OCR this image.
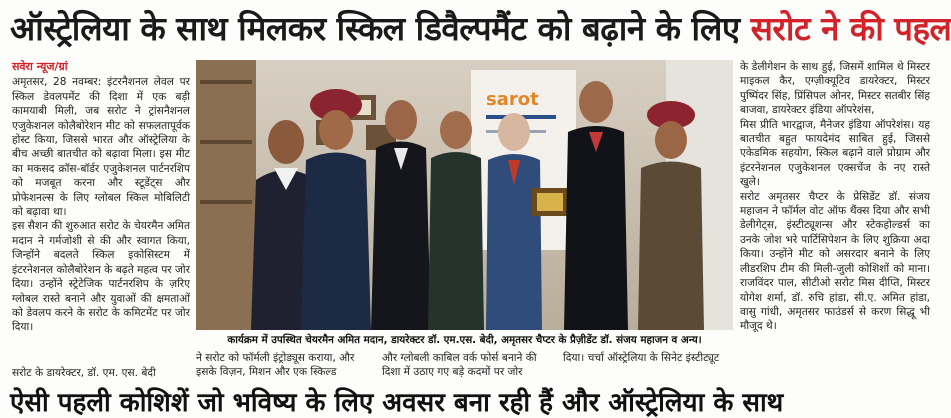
ऑस्ट्रेलिया के साथ मिलकर स्किल डिवैल्पमैंट को बढ़ाने के लिए सरोट ने की पहल
सवेरा न्यूज/ग्रां

अमृतसर, 28 नवम्बर: इंटरनैशनल लेवल पर स्किल डेवलपमेंट की दिशा में एक बड़ी कामयाबी मिली, जब सरोट ने ट्रांसनैशनल एजुकेशनल कोलैबोरेशन मीट को सफलतापूर्वक होस्ट किया, जिससे भारत और ऑस्ट्रेलिया के बीच अच्छी बातचीत को बढ़ावा मिला। इस मीट का मकसद क्रॉस-बॉर्डर एजुकेशनल पार्टनरशिप को मजबूत करना और स्टूडेंट्स और प्रोफेशनल्स के लिए ग्लोबल स्किल मोबिलिटी को बढ़ावा था।

इस सैशन की शुरुआत सरोट के चेयरमैन अमित मदान ने गर्मजोशी से की और स्वागत किया, जिन्होंने बदलते स्किल इकोसिस्टम में इंटरनेशनल कोलैबोरेशन के बढ़ते महत्व पर जोर दिया। उन्होंने स्ट्रेटेजिक पार्टनरशिप के ज़रिए ग्लोबल रास्ते बनाने और युवाओं की क्षमताओं को डेवलप करने के सरोट के कमिटमेंट पर जोर दिया।

सरोट के डायरेक्टर, डॉ. एम. एस. बेदी
sarot
कार्यक्रम में उपस्थित चेयरमैन अमित मदान, डायरेक्टर डॉ. एम.एस. बेदी, अमृतसर चैप्टर के प्रैज़ीडेंट डॉ. संजय महाजन व अन्य।
ने सरोट को फॉर्मली इंट्रोड्यूस कराया, और इसके विज़न, मिशन और एक स्किल्ड
और ग्लोबली काबिल वर्क फोर्स बनाने की दिशा में उठाए गए बड़े कदमों पर जोर
दिया। चर्चा ऑस्ट्रेलिया के सिनेट इंस्टीट्यूट

के डेलीगेशन के साथ हुई, जिसमें शामिल थे मिस्टर माइकल कैर, एग्ज़ीक्यूटिव डायरेक्टर, मिस्टर पुष्पिंदर सिंह, प्रिंसिपल ओनर, मिस्टर सतबीर सिंह बाजवा, डायरेक्टर इंडिया ऑपरेशंस,

मिस प्रीति भारद्वाज, मैनेजर इंडिया ऑपरेशंस। यह बातचीत बहुत फायदेमंद साबित हुई, जिससे एकेडमिक सहयोग, स्किल बढ़ाने वाले प्रोग्राम और इंटरनेशनल एजुकेशनल एक्सचेंज के नए रास्ते खुले।

सरोट अमृतसर चैप्टर के प्रेसिडेंट डॉ. संजय महाजन ने फॉर्मल वोट ऑफ थैंक्स दिया और सभी डेलीगेट्स, इंस्टीट्यूशन्स और स्टेकहोल्डर्स का उनके जोश भरे पार्टिसिपेशन के लिए शुक्रिया अदा किया। उन्होंने मीट को असरदार बनाने के लिए लीडरशिप टीम की मिली-जुली कोशिशों को माना। राजविंदर पाल, सीटीओ सरोट मिस दीप्ति, मिस्टर योगेश शर्मा, डॉ. रुचि हांडा, सी.ए. अमित हांडा, वासु गांधी, अमृतसर फाउंडर्स से करण सिद्धू भी मौजूद थे।

ऐसी पहली कोशिशें जो भविष्य के लिए अवसर बना रही हैं और ऑस्ट्रेलिया के साथ
